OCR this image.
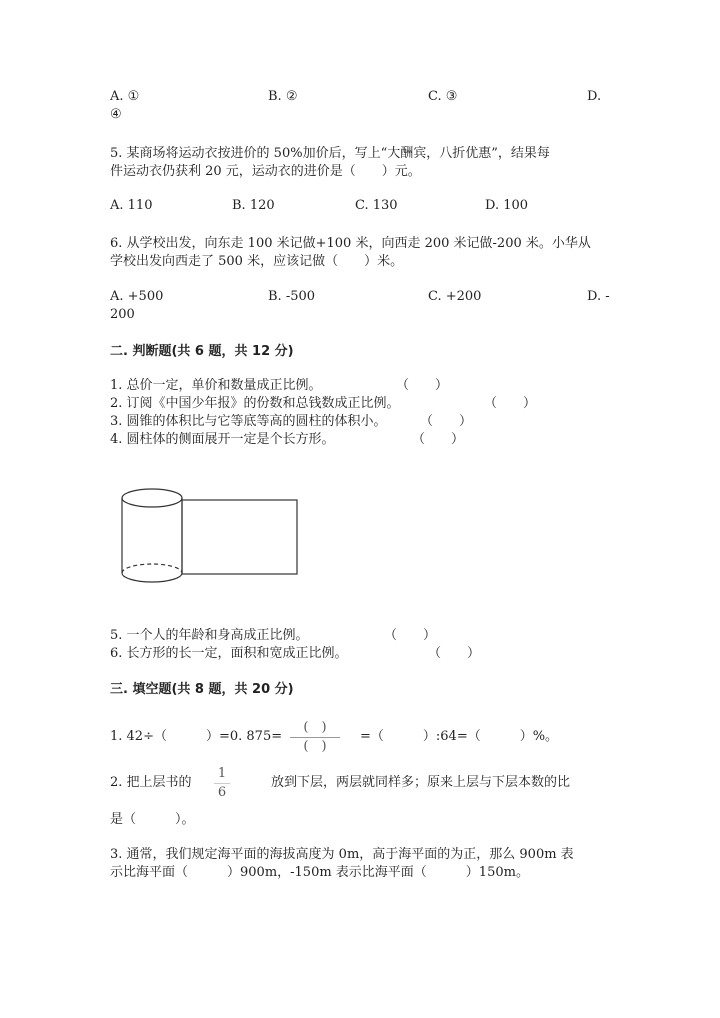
A. ①	B. ②	C. ③	D.
④
5. 某商场将运动衣按进价的 50%加价后，写上“大酬宾，八折优惠”，结果每
件运动衣仍获利 20 元，运动衣的进价是（　　）元。
A. 110	B. 120	C. 130	D. 100
6. 从学校出发，向东走 100 米记做+100 米，向西走 200 米记做-200 米。小华从
学校出发向西走了 500 米，应该记做（　　）米。
A. +500	B. -500	C. +200	D. -
200
二. 判断题(共 6 题，共 12 分)
1. 总价一定，单价和数量成正比例。	（　　）
2. 订阅《中国少年报》的份数和总钱数成正比例。	（　　）
3. 圆锥的体积比与它等底等高的圆柱的体积小。	（　　）
4. 圆柱体的侧面展开一定是个长方形。	（　　）
5. 一个人的年龄和身高成正比例。	（　　）
6. 长方形的长一定，面积和宽成正比例。	（　　）
三. 填空题(共 8 题，共 20 分)
1. 42÷（　　　）=0. 875=
(　)
(　)
=（　　　）:64=（　　　）%。
2. 把上层书的
1
6
放到下层，两层就同样多；原来上层与下层本数的比
是（　　　）。
3. 通常，我们规定海平面的海拔高度为 0m，高于海平面的为正，那么 900m 表
示比海平面（　　　）900m，-150m 表示比海平面（　　　）150m。
